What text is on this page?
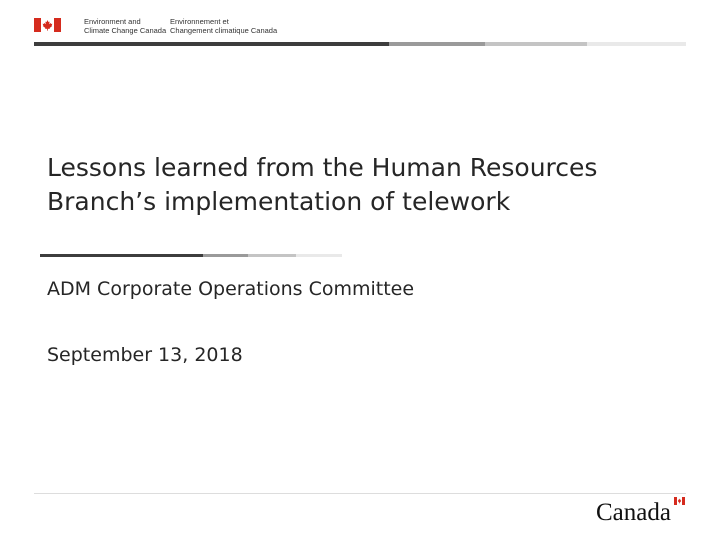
Environment and
Climate Change Canada
Environnement et
Changement climatique Canada
Lessons learned from the Human Resources
Branch’s implementation of telework
ADM Corporate Operations Committee
September 13, 2018
Canada
